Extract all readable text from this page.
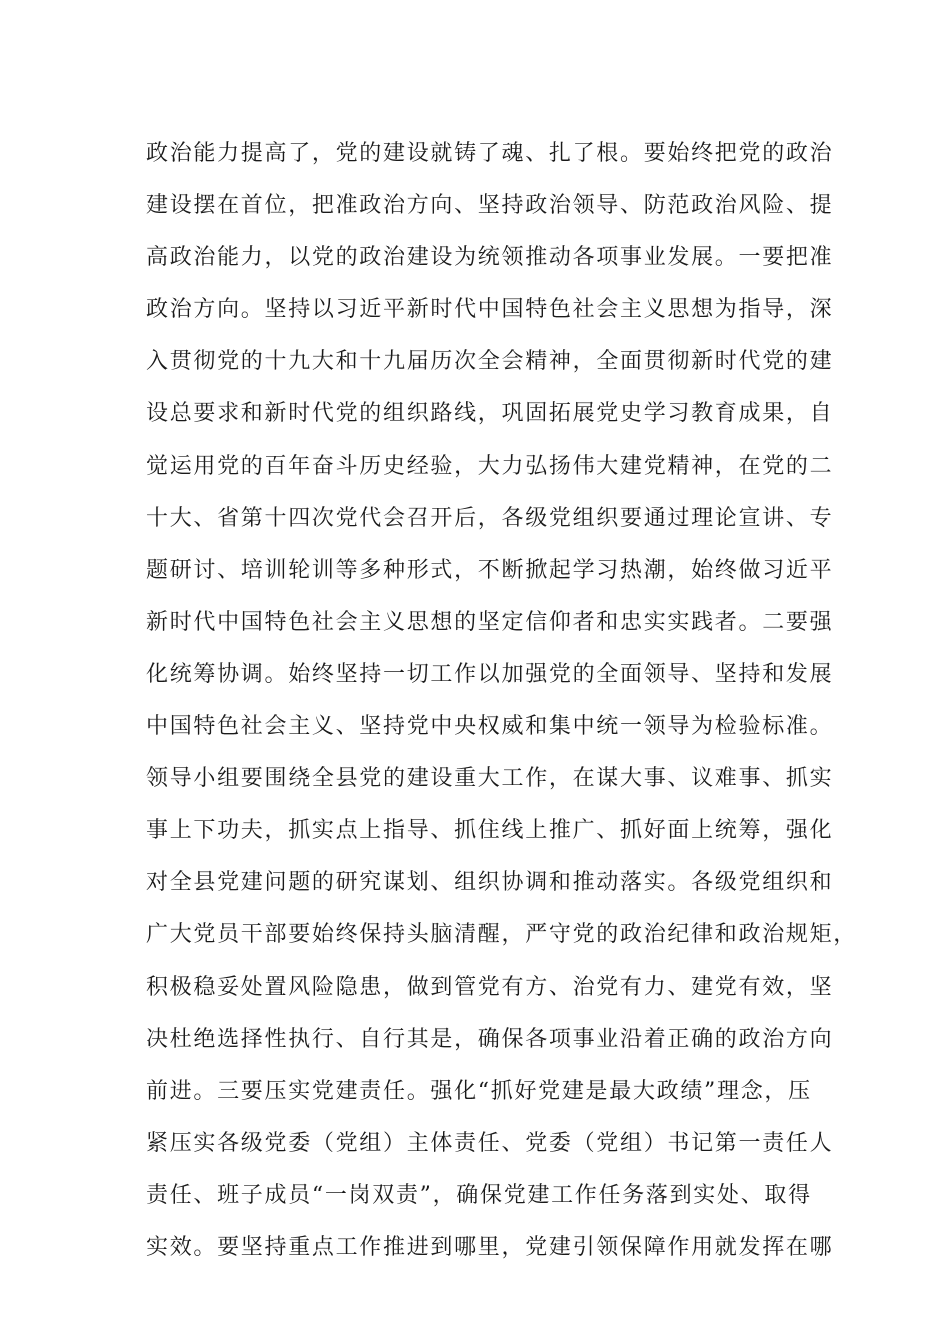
政治能力提高了，党的建设就铸了魂、扎了根。要始终把党的政治
建设摆在首位，把准政治方向、坚持政治领导、防范政治风险、提
高政治能力，以党的政治建设为统领推动各项事业发展。一要把准
政治方向。坚持以习近平新时代中国特色社会主义思想为指导，深
入贯彻党的十九大和十九届历次全会精神，全面贯彻新时代党的建
设总要求和新时代党的组织路线，巩固拓展党史学习教育成果，自
觉运用党的百年奋斗历史经验，大力弘扬伟大建党精神，在党的二
十大、省第十四次党代会召开后，各级党组织要通过理论宣讲、专
题研讨、培训轮训等多种形式，不断掀起学习热潮，始终做习近平
新时代中国特色社会主义思想的坚定信仰者和忠实实践者。二要强
化统筹协调。始终坚持一切工作以加强党的全面领导、坚持和发展
中国特色社会主义、坚持党中央权威和集中统一领导为检验标准。
领导小组要围绕全县党的建设重大工作，在谋大事、议难事、抓实
事上下功夫，抓实点上指导、抓住线上推广、抓好面上统筹，强化
对全县党建问题的研究谋划、组织协调和推动落实。各级党组织和
广大党员干部要始终保持头脑清醒，严守党的政治纪律和政治规矩，
积极稳妥处置风险隐患，做到管党有方、治党有力、建党有效，坚
决杜绝选择性执行、自行其是，确保各项事业沿着正确的政治方向
前进。三要压实党建责任。强化“抓好党建是最大政绩”理念，压
紧压实各级党委（党组）主体责任、党委（党组）书记第一责任人
责任、班子成员“一岗双责”，确保党建工作任务落到实处、取得
实效。要坚持重点工作推进到哪里，党建引领保障作用就发挥在哪
